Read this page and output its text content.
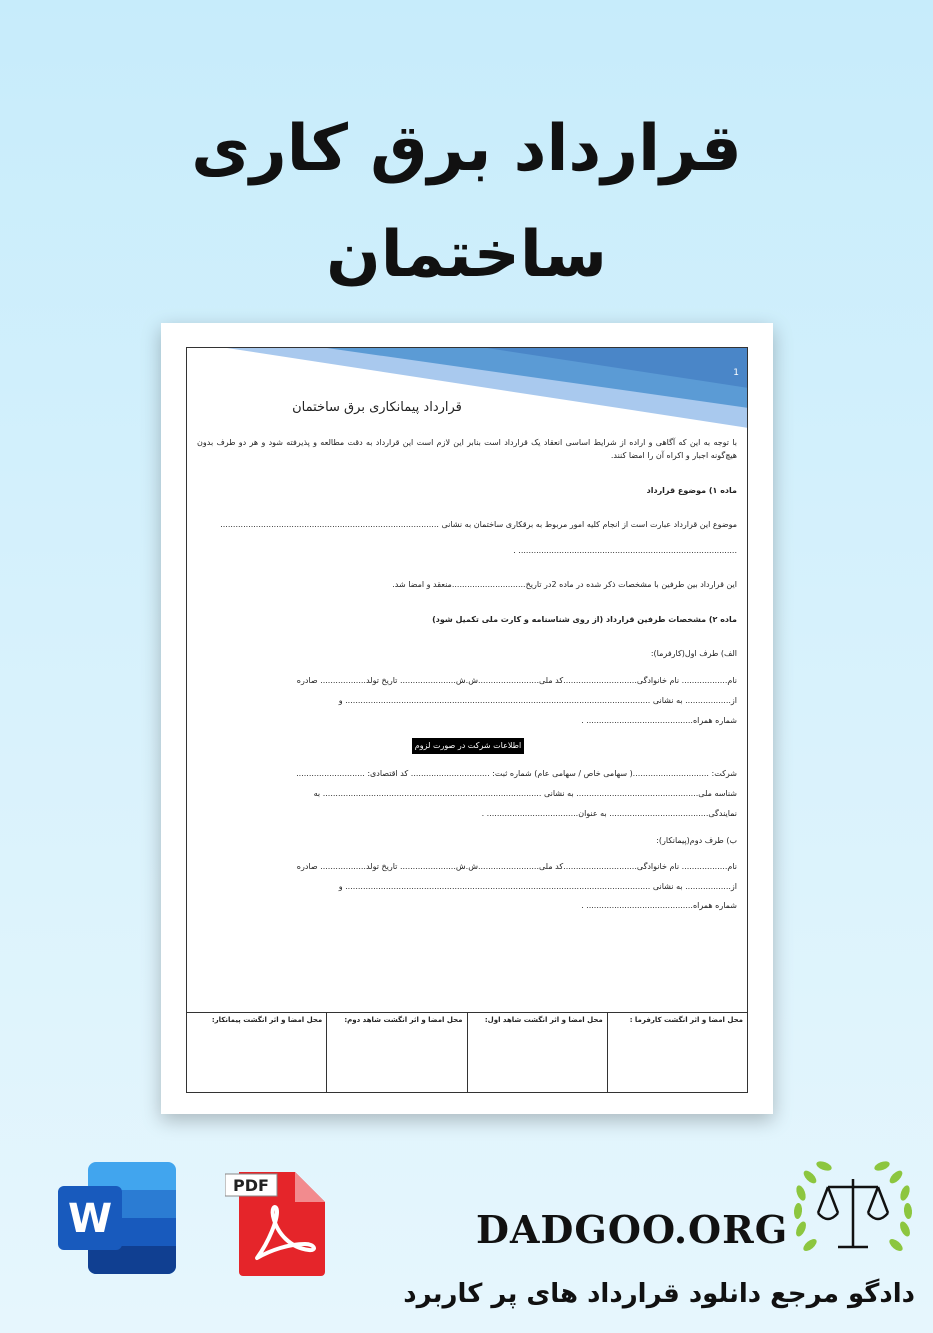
قرارداد برق کاری
ساختمان
1
قرارداد پیمانکاری برق ساختمان
با توجه به این که آگاهی و اراده از شرایط اساسی انعقاد یک قرارداد است بنابر این لازم است این قرارداد به دقت مطالعه و پذیرفته شود و هر دو طرف بدون هیچ‌گونه اجبار و اکراه آن را امضا کنند.
ماده ۱) موضوع قرارداد
موضوع این قرارداد عبارت است از انجام کلیه امور مربوط به برقکاری ساختمان به نشانی ......................................................................................
...................................................................................... .
این قرارداد بین طرفین با مشخصات ذکر شده در ماده 2در تاریخ.............................منعقد و امضا شد.
ماده ۲) مشخصات طرفین قرارداد (از روی شناسنامه و کارت ملی تکمیل شود)
الف) طرف اول(کارفرما):
نام.................. نام خانوادگی.............................کد ملی........................ش.ش...................... تاریخ تولد.................. صادره
از.................. به نشانی ........................................................................................................................ و
شماره همراه.......................................... .
اطلاعات شرکت در صورت لزوم
شرکت: ..............................( سهامی خاص / سهامی عام) شماره ثبت: ............................... کد اقتصادی: ...........................
شناسه ملی................................................ به نشانی ...................................................................................... به
نمایندگی....................................... به عنوان.................................... .
ب) طرف دوم(پیمانکار):
نام.................. نام خانوادگی.............................کد ملی........................ش.ش...................... تاریخ تولد.................. صادره
از.................. به نشانی ........................................................................................................................ و
شماره همراه.......................................... .
محل امضا و اثر انگشت کارفرما :
محل امضا و اثر انگشت شاهد اول:
محل امضا و اثر انگشت شاهد دوم:
محل امضا و اثر انگشت پیمانکار:
W
PDF
DADGOO.ORG
دادگو مرجع دانلود قرارداد های پر کاربرد
